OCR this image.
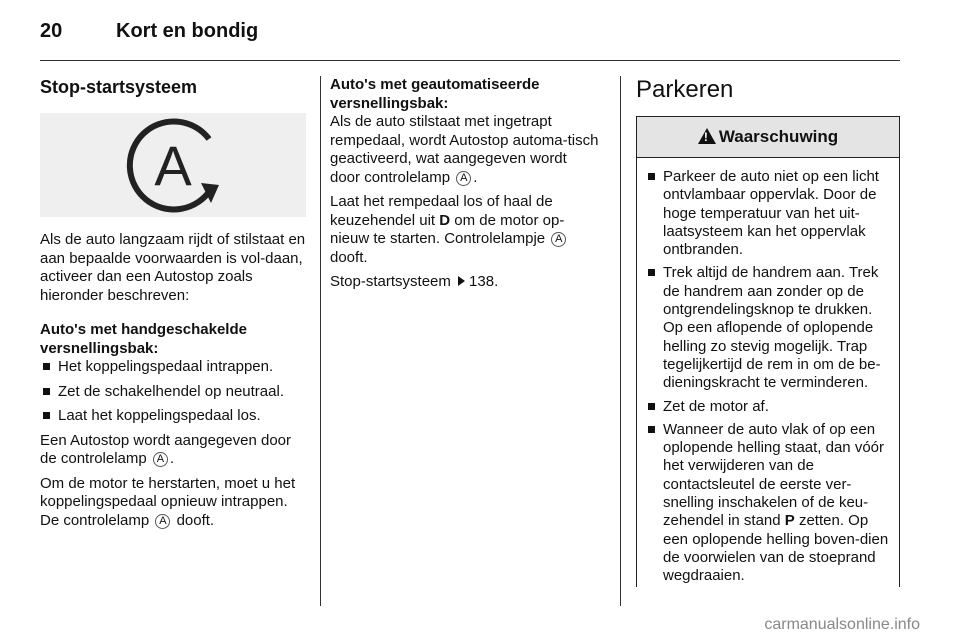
20	Kort en bondig
Stop-startsysteem
A

Als de auto langzaam rijdt of stilstaat en aan bepaalde voorwaarden is vol-daan, activeer dan een Autostop zoals hieronder beschreven:

Auto's met handgeschakelde versnellingsbak:

Het koppelingspedaal intrappen.
Zet de schakelhendel op neutraal.
Laat het koppelingspedaal los.

Een Autostop wordt aangegeven door de controlelamp A .

Om de motor te herstarten, moet u het koppelingspedaal opnieuw intrappen. De controlelamp A dooft.

Auto's met geautomatiseerde versnellingsbak:

Als de auto stilstaat met ingetrapt rempedaal, wordt Autostop automa-tisch geactiveerd, wat aangegeven wordt door controlelamp A .

Laat het rempedaal los of haal de keuzehendel uit D om de motor op-nieuw te starten. Controlelampje A dooft.

Stop-startsysteem 138.

Parkeren
!Waarschuwing
Parkeer de auto niet op een licht ontvlambaar oppervlak. Door de hoge temperatuur van het uit-laatsysteem kan het oppervlak ontbranden.
Trek altijd de handrem aan. Trek de handrem aan zonder op de ontgrendelingsknop te drukken. Op een aflopende of oplopende helling zo stevig mogelijk. Trap tegelijkertijd de rem in om de be-dieningskracht te verminderen.
Zet de motor af.
Wanneer de auto vlak of op een oplopende helling staat, dan vóór het verwijderen van de contactsleutel de eerste ver-snelling inschakelen of de keu-zehendel in stand P zetten. Op een oplopende helling boven-dien de voorwielen van de stoeprand wegdraaien.
carmanualsonline.info
